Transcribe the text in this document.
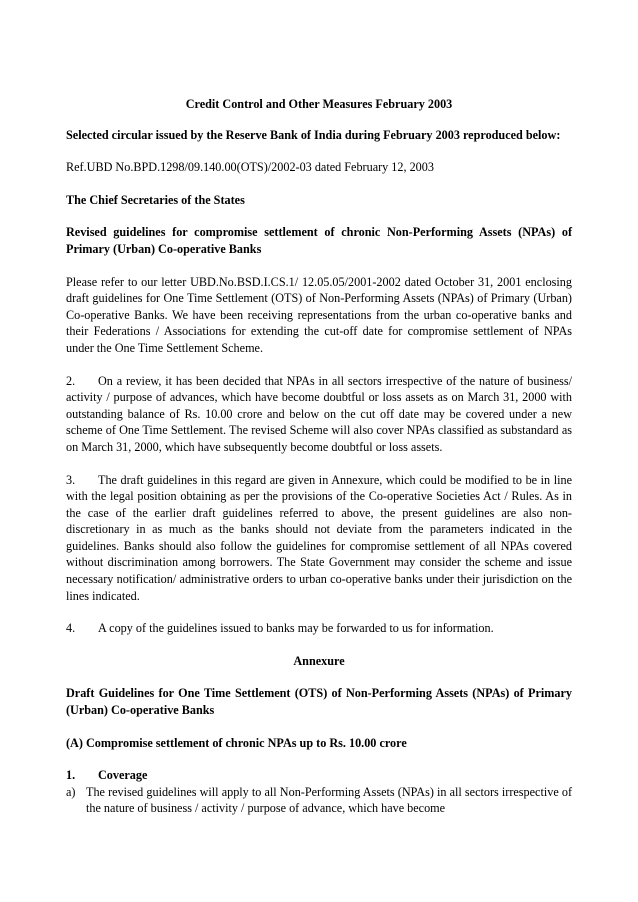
Credit Control and Other Measures February 2003

Selected circular issued by the Reserve Bank of India during February 2003 reproduced below:

Ref.UBD No.BPD.1298/09.140.00(OTS)/2002-03 dated February 12, 2003

The Chief Secretaries of the States

Revised guidelines for compromise settlement of chronic Non-Performing Assets (NPAs) of Primary (Urban) Co-operative Banks

Please refer to our letter UBD.No.BSD.I.CS.1/ 12.05.05/2001-2002 dated October 31, 2001 enclosing draft guidelines for One Time Settlement (OTS) of Non-Performing Assets (NPAs) of Primary (Urban) Co-operative Banks. We have been receiving representations from the urban co-operative banks and their Federations / Associations for extending the cut-off date for compromise settlement of NPAs under the One Time Settlement Scheme.

2. On a review, it has been decided that NPAs in all sectors irrespective of the nature of business/ activity / purpose of advances, which have become doubtful or loss assets as on March 31, 2000 with outstanding balance of Rs. 10.00 crore and below on the cut off date may be covered under a new scheme of One Time Settlement. The revised Scheme will also cover NPAs classified as substandard as on March 31, 2000, which have subsequently become doubtful or loss assets.

3. The draft guidelines in this regard are given in Annexure, which could be modified to be in line with the legal position obtaining as per the provisions of the Co-operative Societies Act / Rules. As in the case of the earlier draft guidelines referred to above, the present guidelines are also non-discretionary in as much as the banks should not deviate from the parameters indicated in the guidelines. Banks should also follow the guidelines for compromise settlement of all NPAs covered without discrimination among borrowers. The State Government may consider the scheme and issue necessary notification/ administrative orders to urban co-operative banks under their jurisdiction on the lines indicated.

4. A copy of the guidelines issued to banks may be forwarded to us for information.

Annexure

Draft Guidelines for One Time Settlement (OTS) of Non-Performing Assets (NPAs) of Primary (Urban) Co-operative Banks

(A) Compromise settlement of chronic NPAs up to Rs. 10.00 crore

1. Coverage

a) The revised guidelines will apply to all Non-Performing Assets (NPAs) in all sectors irrespective of the nature of business / activity / purpose of advance, which have become
